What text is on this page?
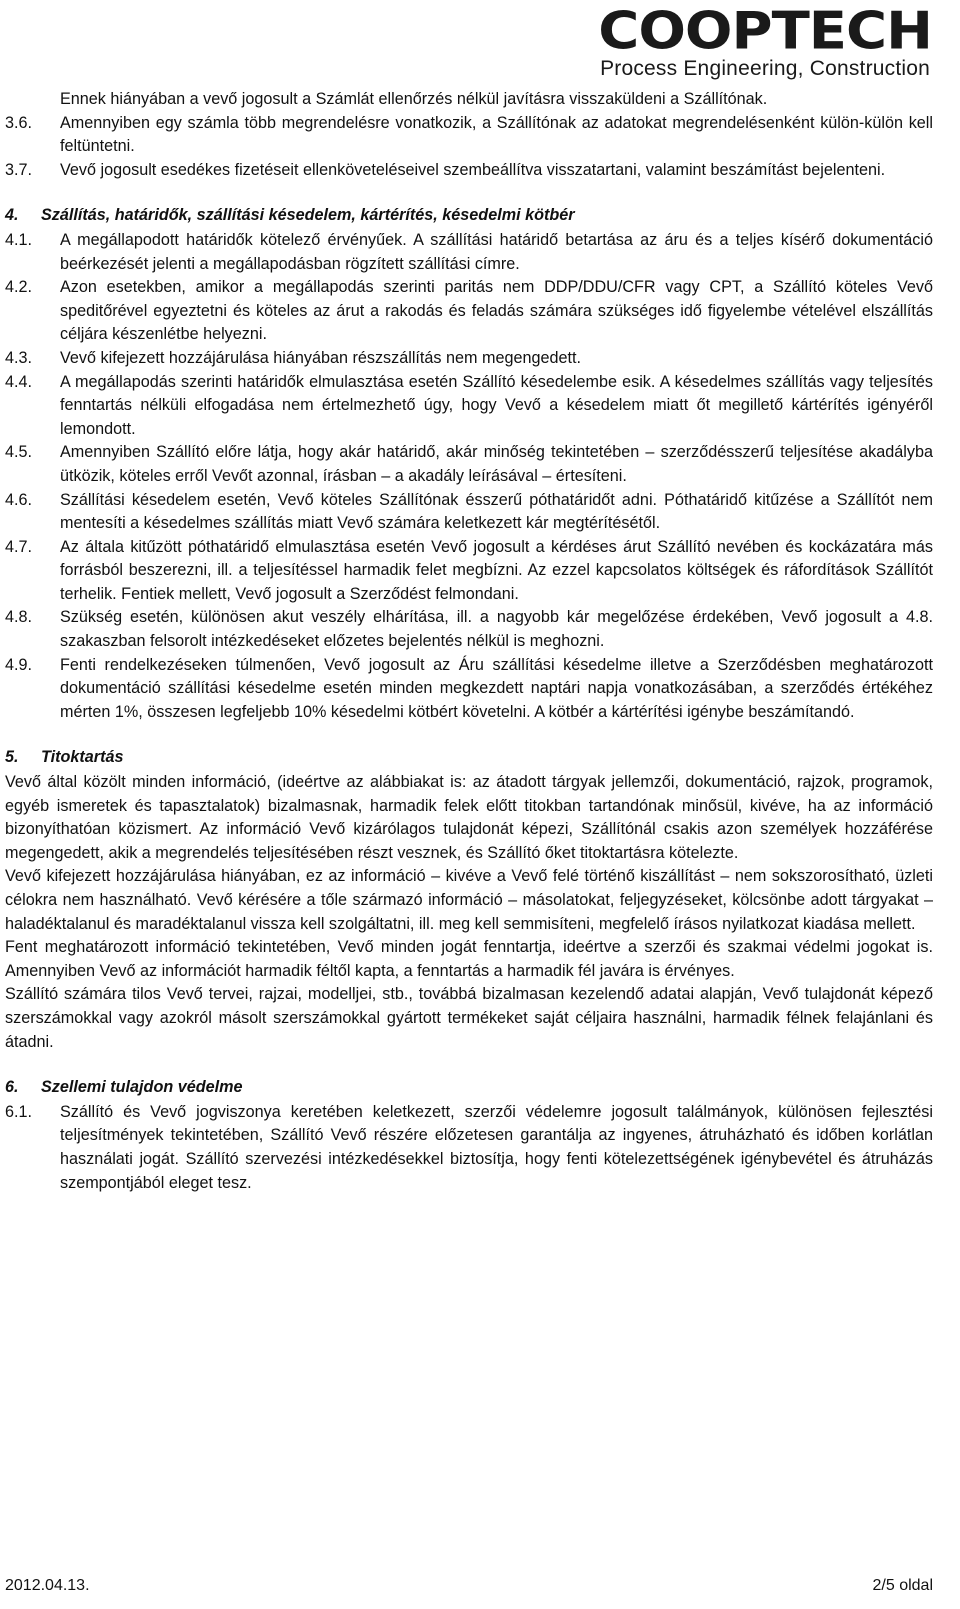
COOPTECH
Process Engineering, Construction
Ennek hiányában a vevő jogosult a Számlát ellenőrzés nélkül javításra visszaküldeni a Szállítónak.
3.6.	Amennyiben egy számla több megrendelésre vonatkozik, a Szállítónak az adatokat megrendelésenként külön-külön kell feltüntetni.
3.7.	Vevő jogosult esedékes fizetéseit ellenköveteléseivel szembeállítva visszatartani, valamint beszámítást bejelenteni.
4. Szállítás, határidők, szállítási késedelem, kártérítés, késedelmi kötbér
4.1.	A megállapodott határidők kötelező érvényűek. A szállítási határidő betartása az áru és a teljes kísérő dokumentáció beérkezését jelenti a megállapodásban rögzített szállítási címre.
4.2.	Azon esetekben, amikor a megállapodás szerinti paritás nem DDP/DDU/CFR vagy CPT, a Szállító köteles Vevő speditőrével egyeztetni és köteles az árut a rakodás és feladás számára szükséges idő figyelembe vételével elszállítás céljára készenlétbe helyezni.
4.3.	Vevő kifejezett hozzájárulása hiányában részszállítás nem megengedett.
4.4.	A megállapodás szerinti határidők elmulasztása esetén Szállító késedelembe esik. A késedelmes szállítás vagy teljesítés fenntartás nélküli elfogadása nem értelmezhető úgy, hogy Vevő a késedelem miatt őt megillető kártérítés igényéről lemondott.
4.5.	Amennyiben Szállító előre látja, hogy akár határidő, akár minőség tekintetében – szerződésszerű teljesítése akadályba ütközik, köteles erről Vevőt azonnal, írásban – a akadály leírásával – értesíteni.
4.6.	Szállítási késedelem esetén, Vevő köteles Szállítónak ésszerű póthatáridőt adni. Póthatáridő kitűzése a Szállítót nem mentesíti a késedelmes szállítás miatt Vevő számára keletkezett kár megtérítésétől.
4.7.	Az általa kitűzött póthatáridő elmulasztása esetén Vevő jogosult a kérdéses árut Szállító nevében és kockázatára más forrásból beszerezni, ill. a teljesítéssel harmadik felet megbízni. Az ezzel kapcsolatos költségek és ráfordítások Szállítót terhelik. Fentiek mellett, Vevő jogosult a Szerződést felmondani.
4.8.	Szükség esetén, különösen akut veszély elhárítása, ill. a nagyobb kár megelőzése érdekében, Vevő jogosult a 4.8. szakaszban felsorolt intézkedéseket előzetes bejelentés nélkül is meghozni.
4.9.	Fenti rendelkezéseken túlmenően, Vevő jogosult az Áru szállítási késedelme illetve a Szerződésben meghatározott dokumentáció szállítási késedelme esetén minden megkezdett naptári napja vonatkozásában, a szerződés értékéhez mérten 1%, összesen legfeljebb 10% késedelmi kötbért követelni. A kötbér a kártérítési igénybe beszámítandó.
5. Titoktartás
Vevő által közölt minden információ, (ideértve az alábbiakat is: az átadott tárgyak jellemzői, dokumentáció, rajzok, programok, egyéb ismeretek és tapasztalatok) bizalmasnak, harmadik felek előtt titokban tartandónak minősül, kivéve, ha az információ bizonyíthatóan közismert. Az információ Vevő kizárólagos tulajdonát képezi, Szállítónál csakis azon személyek hozzáférése megengedett, akik a megrendelés teljesítésében részt vesznek, és Szállító őket titoktartásra kötelezte.
Vevő kifejezett hozzájárulása hiányában, ez az információ – kivéve a Vevő felé történő kiszállítást – nem sokszorosítható, üzleti célokra nem használható. Vevő kérésére a tőle származó információ – másolatokat, feljegyzéseket, kölcsönbe adott tárgyakat – haladéktalanul és maradéktalanul vissza kell szolgáltatni, ill. meg kell semmisíteni, megfelelő írásos nyilatkozat kiadása mellett.
Fent meghatározott információ tekintetében, Vevő minden jogát fenntartja, ideértve a szerzői és szakmai védelmi jogokat is. Amennyiben Vevő az információt harmadik féltől kapta, a fenntartás a harmadik fél javára is érvényes.
Szállító számára tilos Vevő tervei, rajzai, modelljei, stb., továbbá bizalmasan kezelendő adatai alapján, Vevő tulajdonát képező szerszámokkal vagy azokról másolt szerszámokkal gyártott termékeket saját céljaira használni, harmadik félnek felajánlani és átadni.
6. Szellemi tulajdon védelme
6.1.	Szállító és Vevő jogviszonya keretében keletkezett, szerzői védelemre jogosult találmányok, különösen fejlesztési teljesítmények tekintetében, Szállító Vevő részére előzetesen garantálja az ingyenes, átruházható és időben korlátlan használati jogát. Szállító szervezési intézkedésekkel biztosítja, hogy fenti kötelezettségének igénybevétel és átruházás szempontjából eleget tesz.
2012.04.13.	2/5 oldal
